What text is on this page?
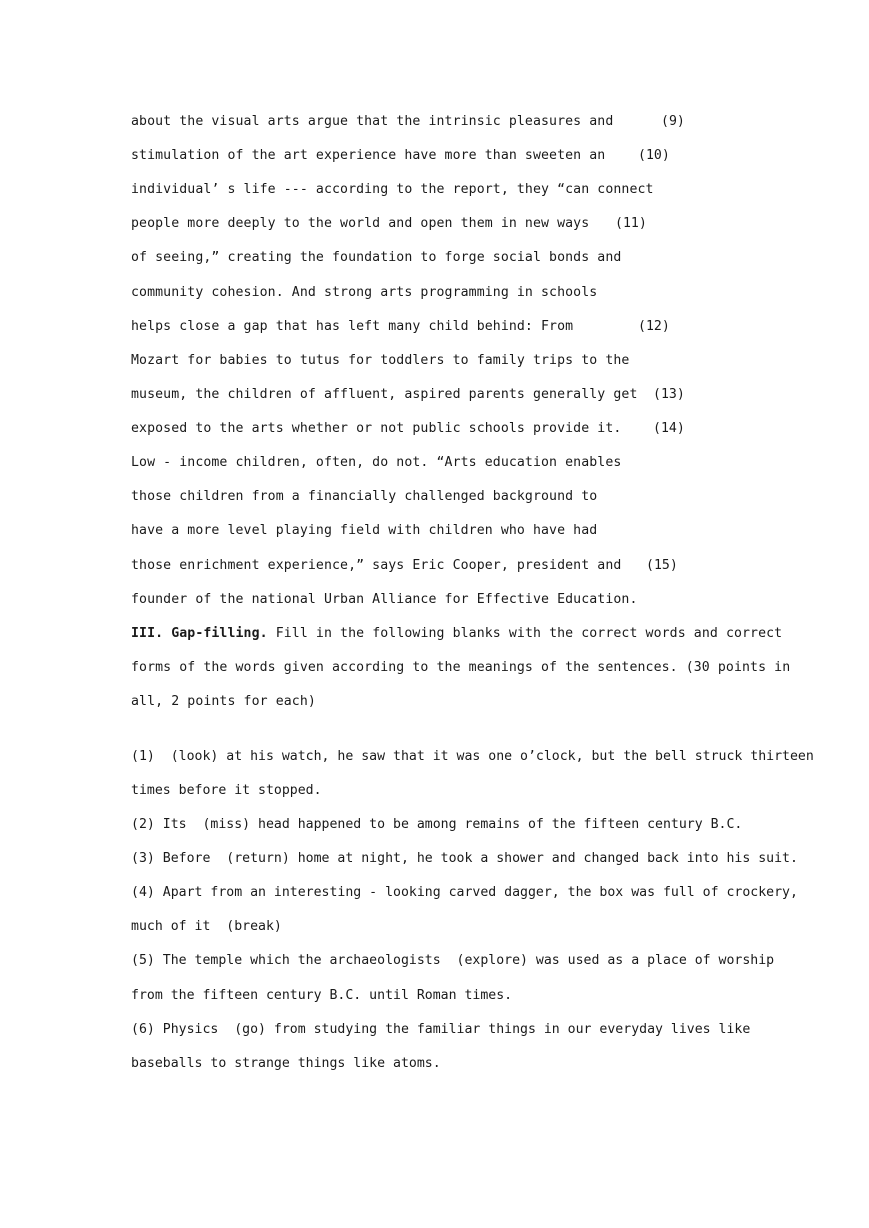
about the visual arts argue that the intrinsic pleasures and	(9)
stimulation of the art experience have more than sweeten an (10)
individual’ s life --- according to the report, they “can connect
people more deeply to the world and open them in new ways (11)
of seeing,” creating the foundation to forge social bonds and
community cohesion. And strong arts programming in schools
helps close a gap that has left many child behind: From	(12)
Mozart for babies to tutus for toddlers to family trips to the
museum, the children of affluent, aspired parents generally get (13)
exposed to the arts whether or not public schools provide it. (14)
Low - income children, often, do not. “Arts education enables
those children from a financially challenged background to
have a more level playing field with children who have had
those enrichment experience,” says Eric Cooper, president and (15)
founder of the national Urban Alliance for Effective Education.
III. Gap-filling. Fill in the following blanks with the correct words and correct
forms of the words given according to the meanings of the sentences. (30 points in
all, 2 points for each)
(1)  (look) at his watch, he saw that it was one o’clock, but the bell struck thirteen
times before it stopped.
(2) Its  (miss) head happened to be among remains of the fifteen century B.C.
(3) Before  (return) home at night, he took a shower and changed back into his suit.
(4) Apart from an interesting - looking carved dagger, the box was full of crockery,
much of it  (break)
(5) The temple which the archaeologists  (explore) was used as a place of worship
from the fifteen century B.C. until Roman times.
(6) Physics  (go) from studying the familiar things in our everyday lives like
baseballs to strange things like atoms.
